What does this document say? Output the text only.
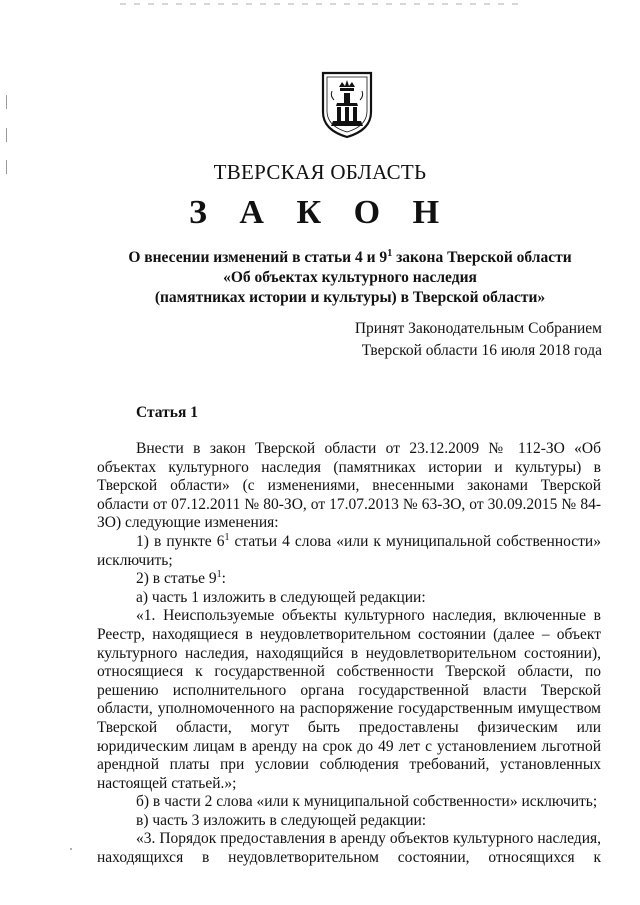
ТВЕРСКАЯ ОБЛАСТЬ
З А К О Н
О внесении изменений в статьи 4 и $9^1$ закона Тверской области
«Об объектах культурного наследия
(памятниках истории и культуры) в Тверской области»
Принят Законодательным Собранием
Тверской области 16 июля 2018 года
Статья 1

Внести в закон Тверской области от 23.12.2009 № 112-ЗО «Об объектах культурного наследия (памятниках истории и культуры) в Тверской области» (с изменениями, внесенными законами Тверской области от 07.12.2011 № 80-ЗО, от 17.07.2013 № 63-ЗО, от 30.09.2015 № 84-ЗО) следующие изменения:

1) в пункте $6^1$ статьи 4 слова «или к муниципальной собственности» исключить;

2) в статье $9^1$:

а) часть 1 изложить в следующей редакции:

«1. Неиспользуемые объекты культурного наследия, включенные в Реестр, находящиеся в неудовлетворительном состоянии (далее – объект культурного наследия, находящийся в неудовлетворительном состоянии), относящиеся к государственной собственности Тверской области, по решению исполнительного органа государственной власти Тверской области, уполномоченного на распоряжение государственным имуществом Тверской области, могут быть предоставлены физическим или юридическим лицам в аренду на срок до 49 лет с установлением льготной арендной платы при условии соблюдения требований, установленных настоящей статьей.»;

б) в части 2 слова «или к муниципальной собственности» исключить;

в) часть 3 изложить в следующей редакции:

«3. Порядок предоставления в аренду объектов культурного наследия, находящихся в неудовлетворительном состоянии, относящихся к
